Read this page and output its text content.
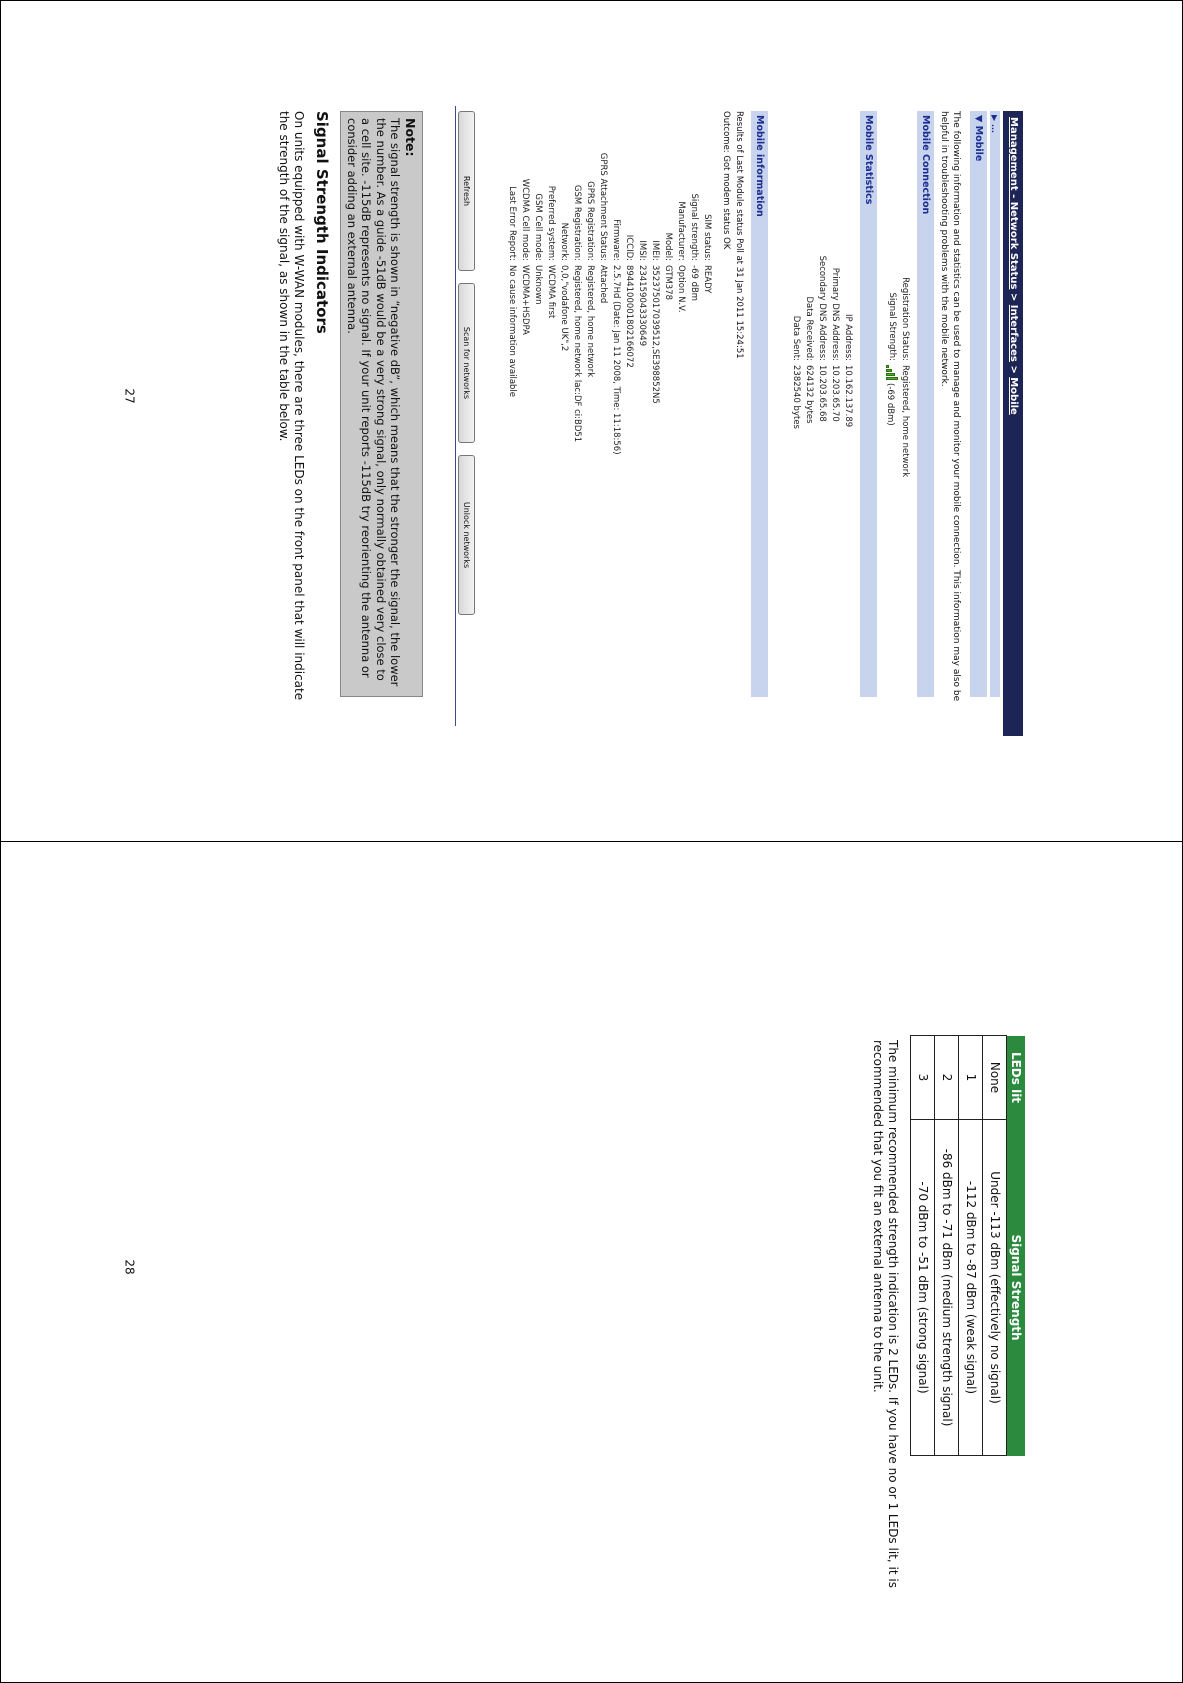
Management - Network Status > Interfaces > Mobile
▶ ...
▼ Mobile
The following information and statistics can be used to manage and monitor your mobile connection. This information may also be helpful in troubleshooting problems with the mobile network.
Mobile Connection
Registration Status:
Registered, home network
Signal Strength:
(-69 dBm)
Mobile Statistics
IP Address:
10.162.137.89
Primary DNS Address:
10.203.65.70
Secondary DNS Address:
10.203.65.68
Data Received:
624132 bytes
Data Sent:
2382540 bytes
Mobile information
Results of Last Module status Poll at 31 Jan 2011 15:24:51
Outcome: Got modem status OK
SIM status:
READY
Signal strength:
-69 dBm
Manufacturer:
Option N.V.
Model:
GTM378
IMEI:
352375017039512,SE398852N5
IMSI:
234159043330649
ICCID:
8944100001802166072
Firmware:
2.5.7Hd (Date: Jan 11 2008, Time: 11:18:56)
GPRS Attachment Status:
Attached
GPRS Registration:
Registered, home network
GSM Registration:
Registered, home network lac:DF ci:BD51
Network:
0,0,"vodafone UK",2
Preferred system:
WCDMA first
GSM Cell mode:
Unknown
WCDMA Cell mode:
WCDMA+HSDPA
Last Error Report:
No cause information available
Refresh
Scan for networks
Unlock networks
Note:
The signal strength is shown in “negative dB”, which means that the stronger the signal, the lower the number. As a guide -51dB would be a very strong signal, only normally obtained very close to a cell site. -115dB represents no signal. If your unit reports -115dB try reorienting the antenna or consider adding an external antenna.
Signal Strength Indicators
On units equipped with W-WAN modules, there are three LEDs on the front panel that will indicate the strength of the signal, as shown in the table below.
27
28
LEDs lit	Signal Strength
None	Under -113 dBm (effectively no signal)
1	-112 dBm to -87 dBm (weak signal)
2	-86 dBm to -71 dBm (medium strength signal)
3	-70 dBm to -51 dBm (strong signal)
The minimum recommended strength indication is 2 LEDs. If you have no or 1 LEDs lit, it is recommended that you fit an external antenna to the unit.
